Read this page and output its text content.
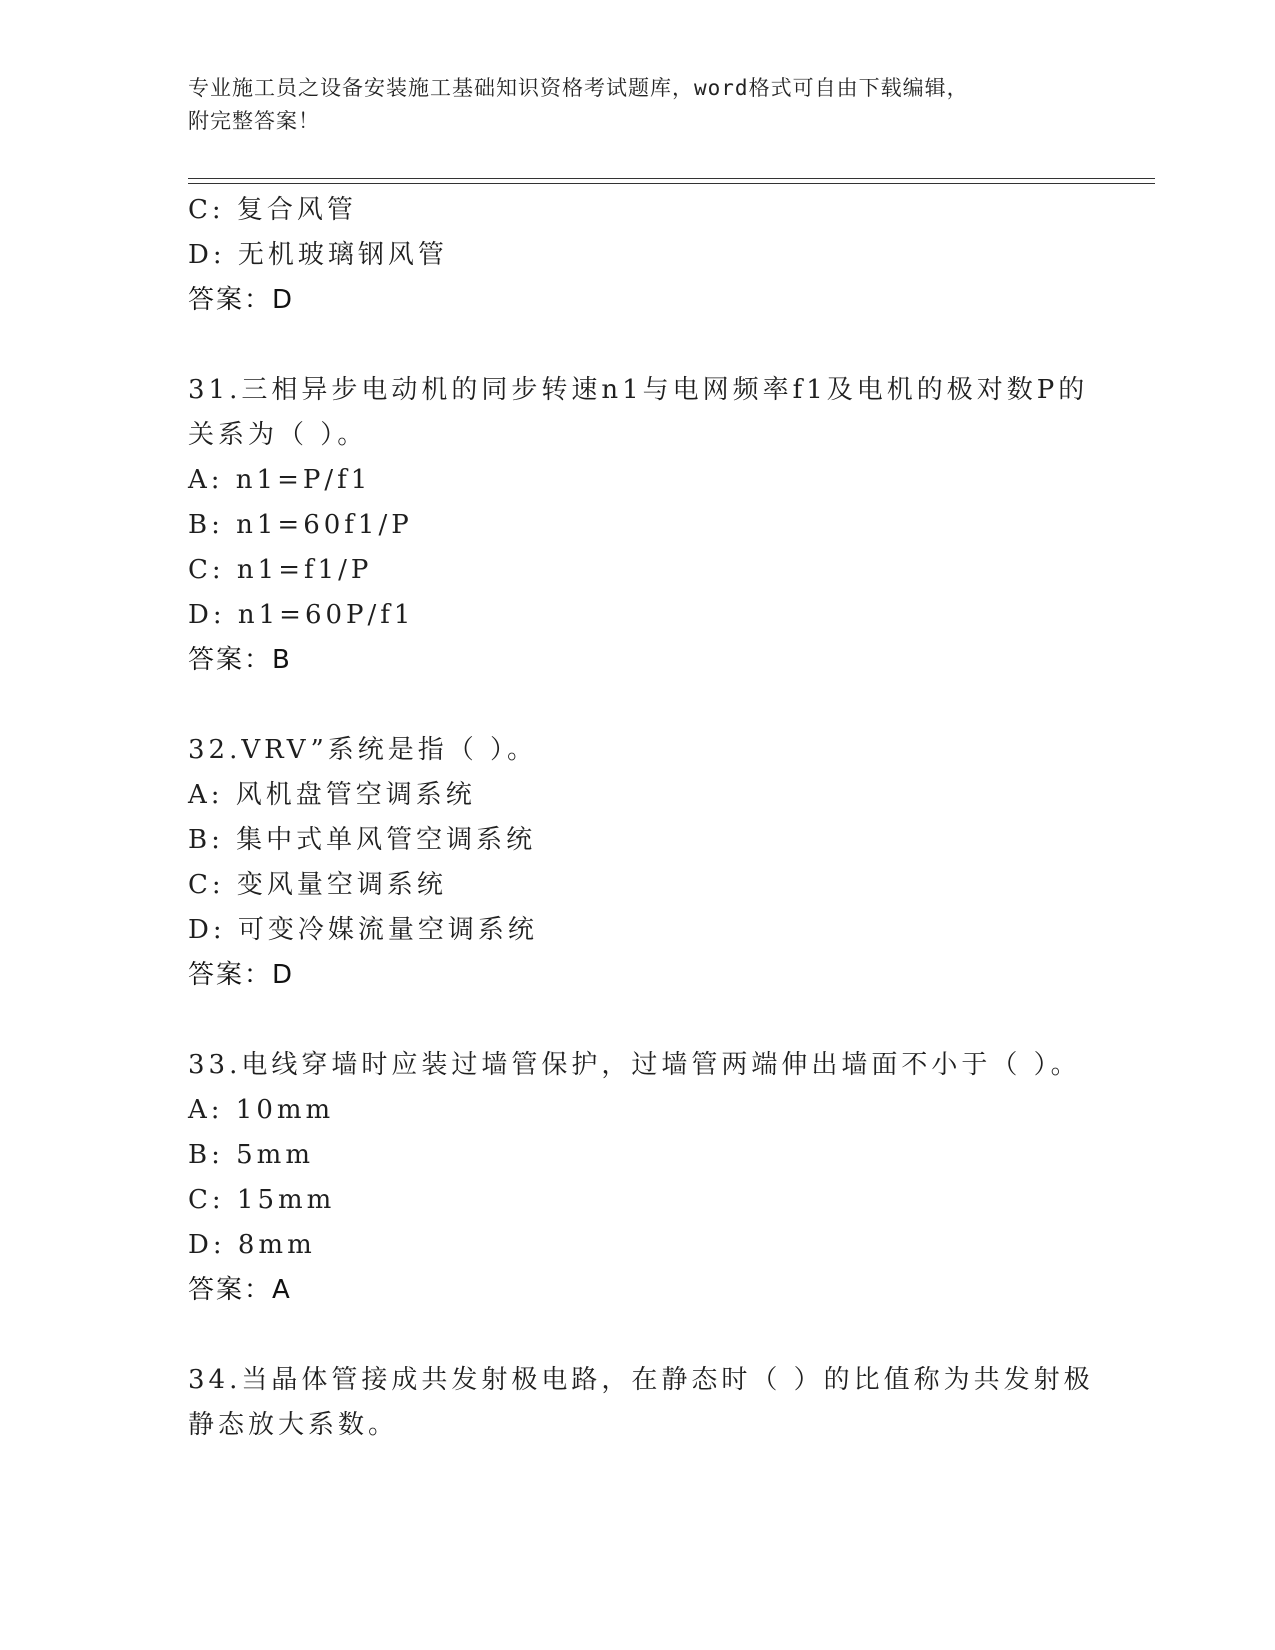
专业施工员之设备安装施工基础知识资格考试题库，word格式可自由下载编辑，
附完整答案！
C: 复合风管
D: 无机玻璃钢风管
答案：D
31.三相异步电动机的同步转速n1与电网频率f1及电机的极对数P的
关系为（ ）。
A: n1=P/f1
B: n1=60f1/P
C: n1=f1/P
D: n1=60P/f1
答案：B
32.VRV”系统是指（ ）。
A: 风机盘管空调系统
B: 集中式单风管空调系统
C: 变风量空调系统
D: 可变冷媒流量空调系统
答案：D
33.电线穿墙时应装过墙管保护，过墙管两端伸出墙面不小于（ ）。
A: 10mm
B: 5mm
C: 15mm
D: 8mm
答案：A
34.当晶体管接成共发射极电路，在静态时（ ）的比值称为共发射极
静态放大系数。
